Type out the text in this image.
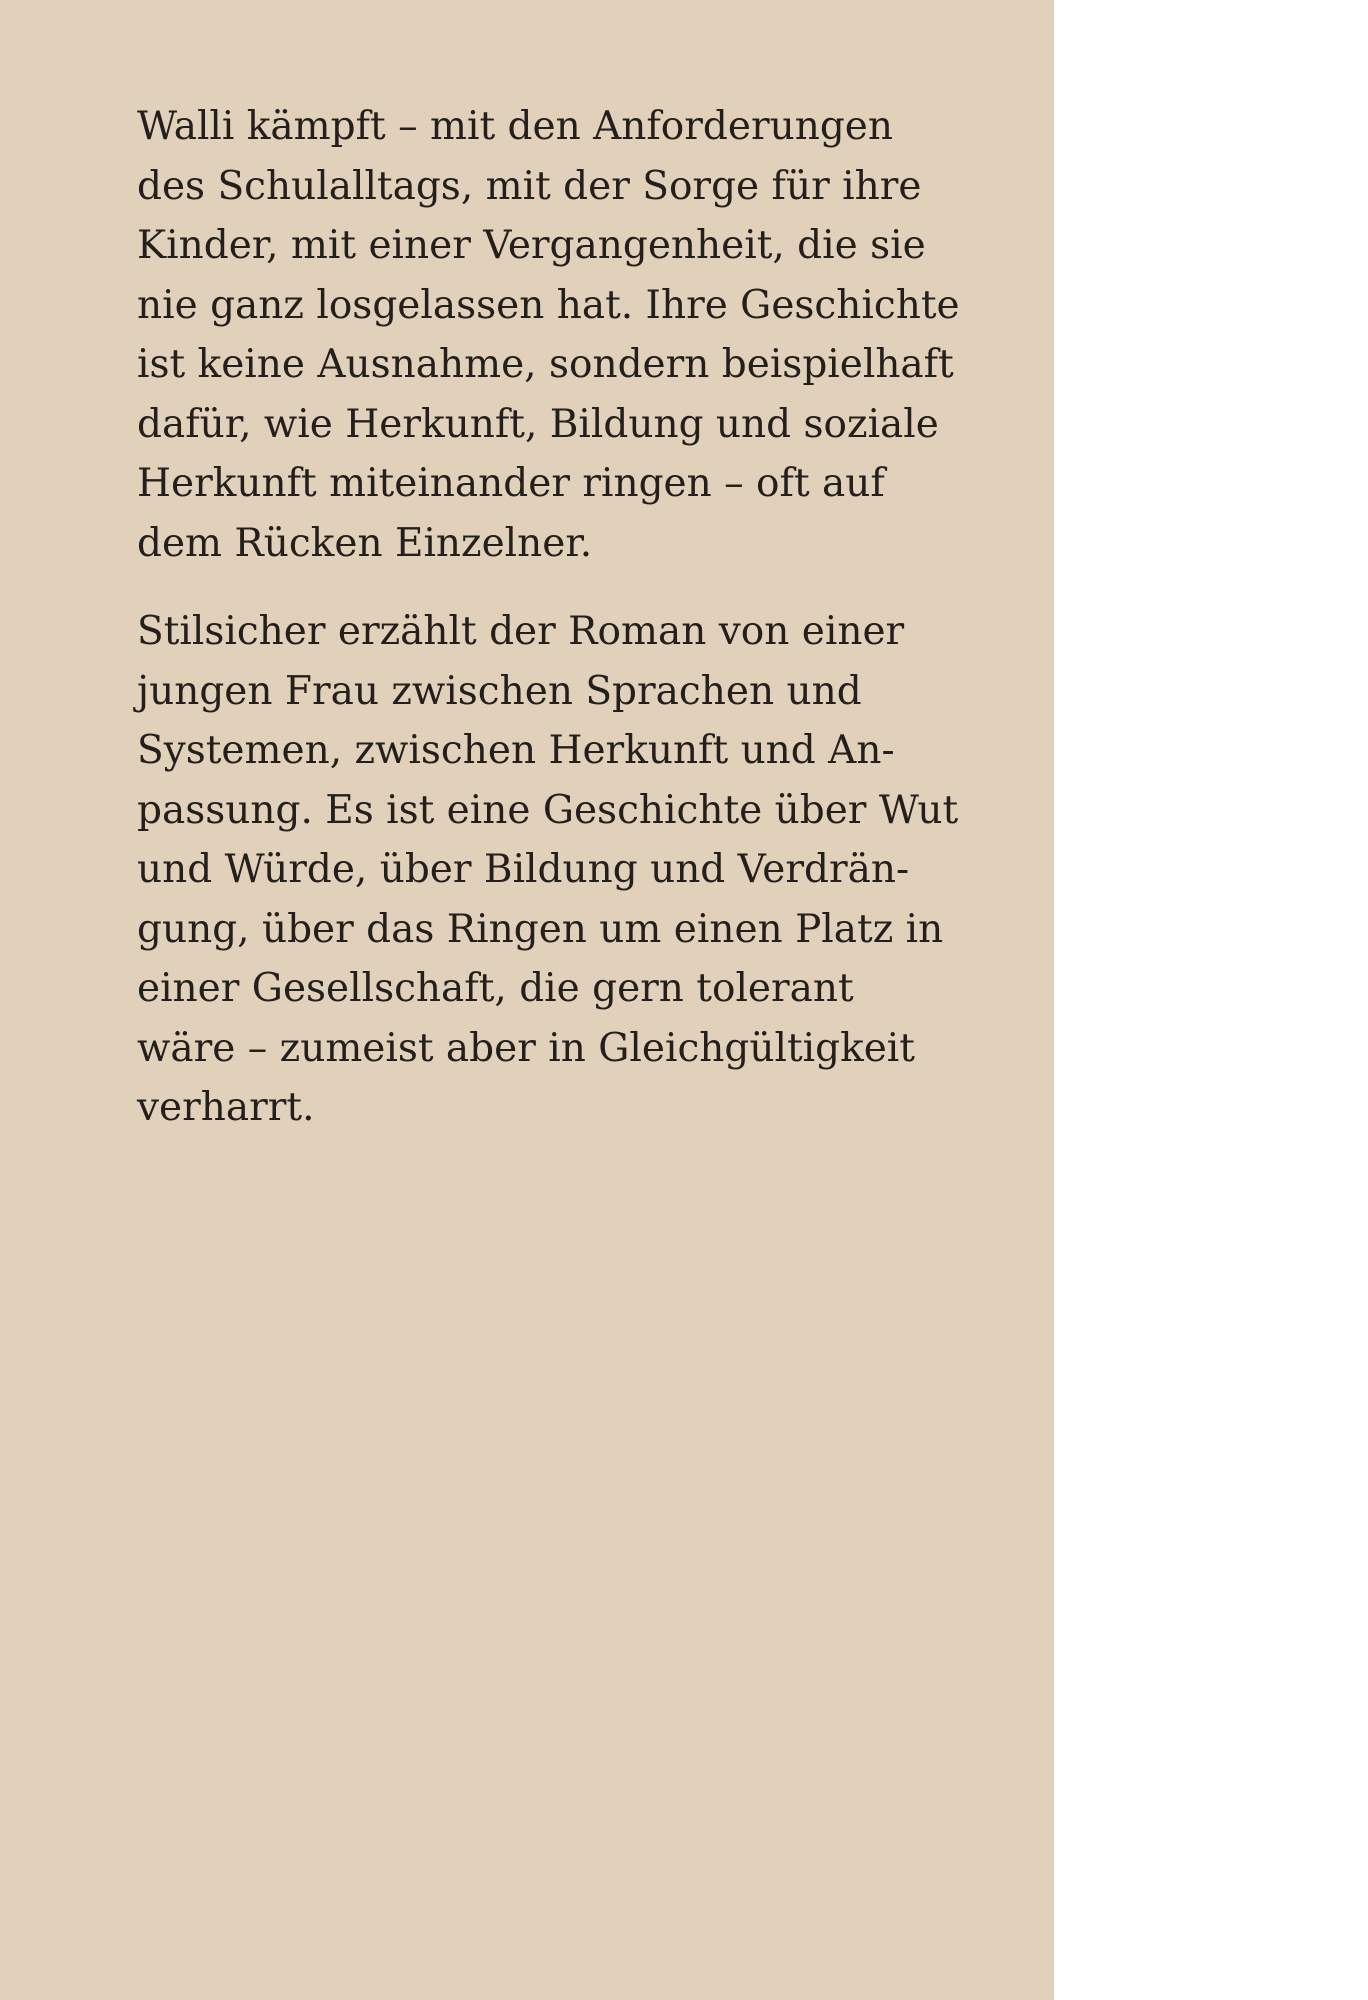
Walli kämpft – mit den Anforderungen
des Schulalltags, mit der Sorge für ihre
Kinder, mit einer Vergangenheit, die sie
nie ganz losgelassen hat. Ihre Geschichte
ist keine Ausnahme, sondern beispielhaft
dafür, wie Herkunft, Bildung und soziale
Herkunft miteinander ringen – oft auf
dem Rücken Einzelner.

Stilsicher erzählt der Roman von einer
jungen Frau zwischen Sprachen und
Systemen, zwischen Herkunft und An-
passung. Es ist eine Geschichte über Wut
und Würde, über Bildung und Verdrän-
gung, über das Ringen um einen Platz in
einer Gesellschaft, die gern tolerant
wäre – zumeist aber in Gleichgültigkeit
verharrt.
